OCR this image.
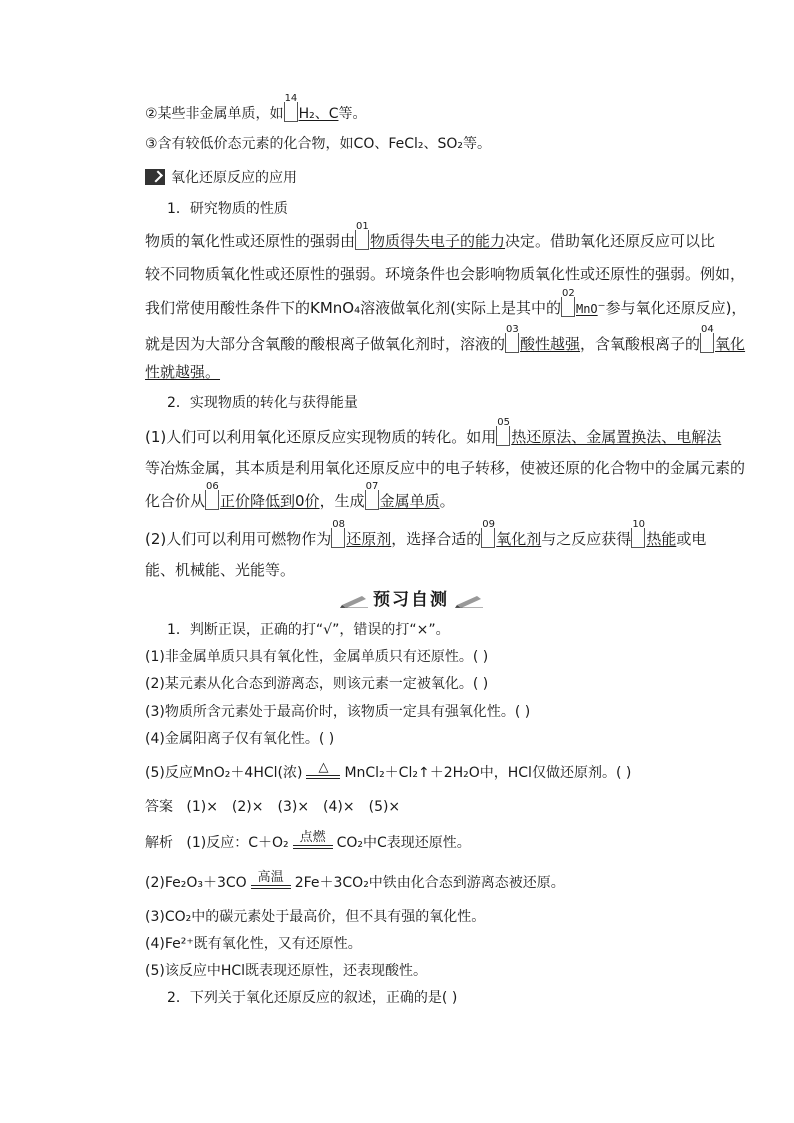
②某些非金属单质，如
14
H₂、C等。
③含有较低价态元素的化合物，如CO、FeCl₂、SO₂等。
氧化还原反应的应用
1．研究物质的性质
物质的氧化性或还原性的强弱由
01
物质得失电子的能力决定。借助氧化还原反应可以比
较不同物质氧化性或还原性的强弱。环境条件也会影响物质氧化性或还原性的强弱。例如，
我们常使用酸性条件下的KMnO₄溶液做氧化剂(实际上是其中的
02
MnO⁻参与氧化还原反应)，
就是因为大部分含氧酸的酸根离子做氧化剂时，溶液的
03
酸性越强，含氧酸根离子的
04
氧化
性就越强。
2．实现物质的转化与获得能量
(1)人们可以利用氧化还原反应实现物质的转化。如用
05
热还原法、金属置换法、电解法
等冶炼金属，其本质是利用氧化还原反应中的电子转移，使被还原的化合物中的金属元素的
化合价从
06
正价降低到0价，生成
07
金属单质。
(2)人们可以利用可燃物作为
08
还原剂，选择合适的
09
氧化剂与之反应获得
10
热能或电
能、机械能、光能等。
预习自测
1．判断正误，正确的打“√”，错误的打“×”。
(1)非金属单质只具有氧化性，金属单质只有还原性。( )
(2)某元素从化合态到游离态，则该元素一定被氧化。( )
(3)物质所含元素处于最高价时，该物质一定具有强氧化性。( )
(4)金属阳离子仅有氧化性。( )
(5)反应MnO₂＋4HCl(浓)	△	MnCl₂＋Cl₂↑＋2H₂O中，HCl仅做还原剂。( )
答案 (1)×　(2)×　(3)×　(4)×　(5)×
解析 (1)反应：C＋O₂ 点燃 CO₂中C表现还原性。
(2)Fe₂O₃＋3CO 高温 2Fe＋3CO₂中铁由化合态到游离态被还原。
(3)CO₂中的碳元素处于最高价，但不具有强的氧化性。
(4)Fe²⁺既有氧化性，又有还原性。
(5)该反应中HCl既表现还原性，还表现酸性。
2．下列关于氧化还原反应的叙述，正确的是( )
